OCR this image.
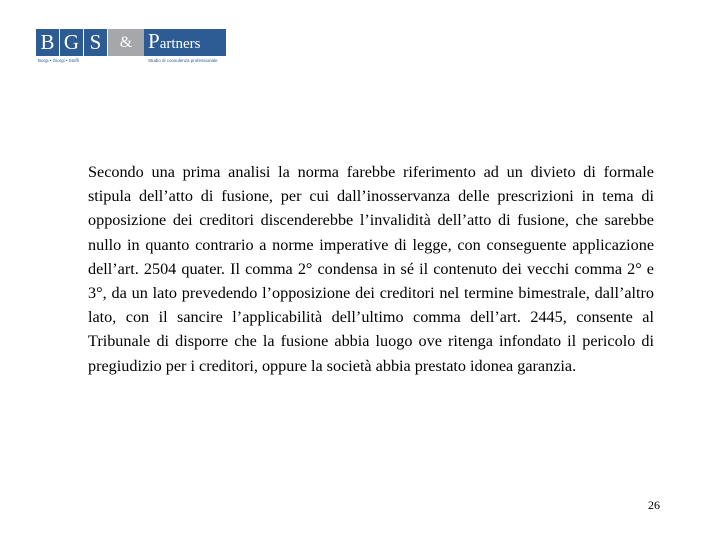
B G S & Partners
Borgi • Giorgi • Stoffi	Studio di consulenza professionale

Secondo una prima analisi la norma farebbe riferimento ad un divieto di formale stipula dell’atto di fusione, per cui dall’inosservanza delle prescrizioni in tema di opposizione dei creditori discenderebbe l’invalidità dell’atto di fusione, che sarebbe nullo in quanto contrario a norme imperative di legge, con conseguente applicazione dell’art. 2504 quater. Il comma 2° condensa in sé il contenuto dei vecchi comma 2° e 3°, da un lato prevedendo l’opposizione dei creditori nel termine bimestrale, dall’altro lato, con il sancire l’applicabilità dell’ultimo comma dell’art. 2445, consente al Tribunale di disporre che la fusione abbia luogo ove ritenga infondato il pericolo di pregiudizio per i creditori, oppure la società abbia prestato idonea garanzia.

26
